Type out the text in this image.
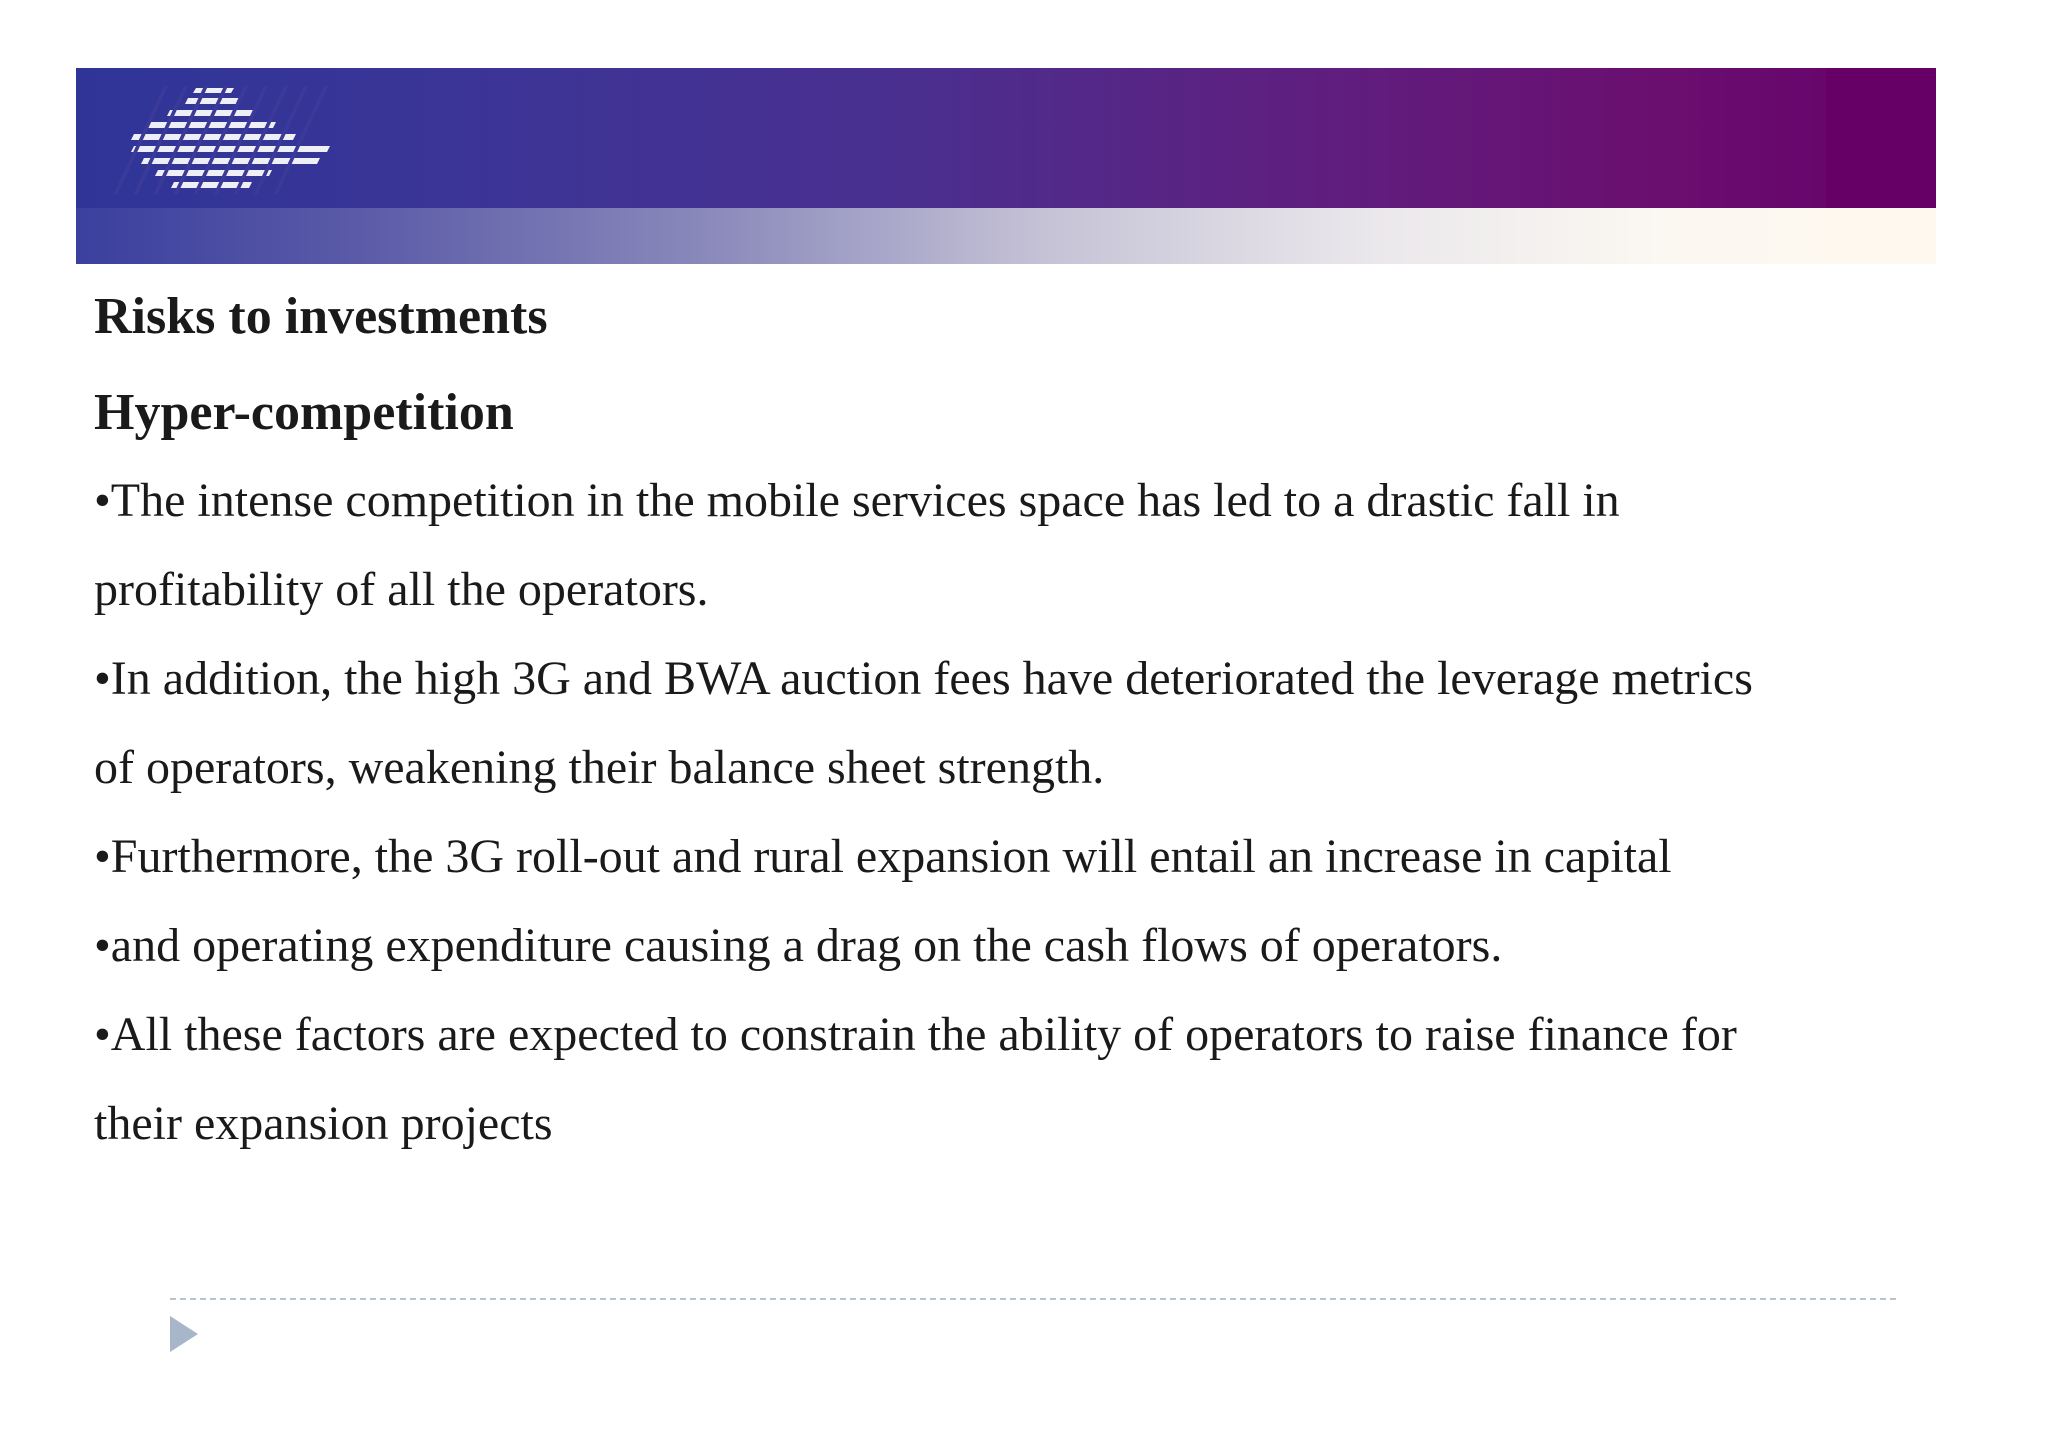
Risks to investments
Hyper-competition
•The intense competition in the mobile services space has led to a drastic fall in
profitability of all the operators.
•In addition, the high 3G and BWA auction fees have deteriorated the leverage metrics
of operators, weakening their balance sheet strength.
•Furthermore, the 3G roll-out and rural expansion will entail an increase in capital
•and operating expenditure causing a drag on the cash flows of operators.
•All these factors are expected to constrain the ability of operators to raise finance for
their expansion projects
